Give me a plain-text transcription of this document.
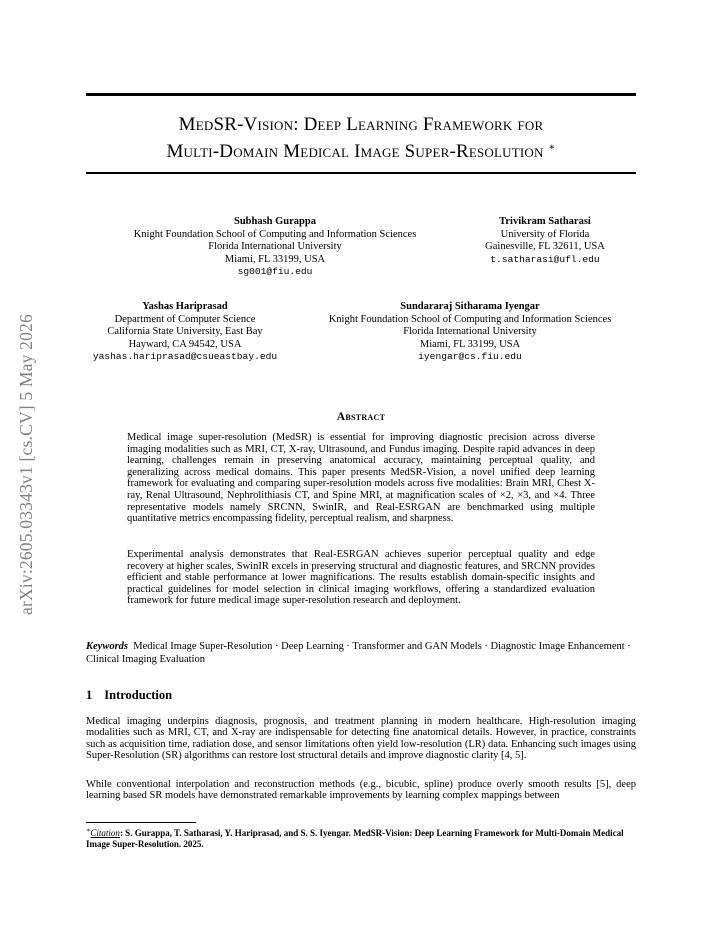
arXiv:2605.03343v1 [cs.CV] 5 May 2026
MedSR-Vision: Deep Learning Framework for
Multi-Domain Medical Image Super-Resolution ∗
Subhash Gurappa
Knight Foundation School of Computing and Information Sciences
Florida International University
Miami, FL 33199, USA
sg001@fiu.edu
Trivikram Satharasi
University of Florida
Gainesville, FL 32611, USA
t.satharasi@ufl.edu
Yashas Hariprasad
Department of Computer Science
California State University, East Bay
Hayward, CA 94542, USA
yashas.hariprasad@csueastbay.edu
Sundararaj Sitharama Iyengar
Knight Foundation School of Computing and Information Sciences
Florida International University
Miami, FL 33199, USA
iyengar@cs.fiu.edu
Abstract

Medical image super-resolution (MedSR) is essential for improving diagnostic precision across diverse imaging modalities such as MRI, CT, X-ray, Ultrasound, and Fundus imaging. Despite rapid advances in deep learning, challenges remain in preserving anatomical accuracy, maintaining perceptual quality, and generalizing across medical domains. This paper presents MedSR-Vision, a novel unified deep learning framework for evaluating and comparing super-resolution models across five modalities: Brain MRI, Chest X-ray, Renal Ultrasound, Nephrolithiasis CT, and Spine MRI, at magnification scales of ×2, ×3, and ×4. Three representative models namely SRCNN, SwinIR, and Real-ESRGAN are benchmarked using multiple quantitative metrics encompassing fidelity, perceptual realism, and sharpness.

Experimental analysis demonstrates that Real-ESRGAN achieves superior perceptual quality and edge recovery at higher scales, SwinIR excels in preserving structural and diagnostic features, and SRCNN provides efficient and stable performance at lower magnifications. The results establish domain-specific insights and practical guidelines for model selection in clinical imaging workflows, offering a standardized evaluation framework for future medical image super-resolution research and deployment.

Keywords Medical Image Super-Resolution · Deep Learning · Transformer and GAN Models · Diagnostic Image Enhancement · Clinical Imaging Evaluation

1 Introduction

Medical imaging underpins diagnosis, prognosis, and treatment planning in modern healthcare. High-resolution imaging modalities such as MRI, CT, and X-ray are indispensable for detecting fine anatomical details. However, in practice, constraints such as acquisition time, radiation dose, and sensor limitations often yield low-resolution (LR) data. Enhancing such images using Super-Resolution (SR) algorithms can restore lost structural details and improve diagnostic clarity [4, 5].

While conventional interpolation and reconstruction methods (e.g., bicubic, spline) produce overly smooth results [5], deep learning based SR models have demonstrated remarkable improvements by learning complex mappings between

∗Citation: S. Gurappa, T. Satharasi, Y. Hariprasad, and S. S. Iyengar. MedSR-Vision: Deep Learning Framework for Multi-Domain Medical Image Super-Resolution. 2025.
